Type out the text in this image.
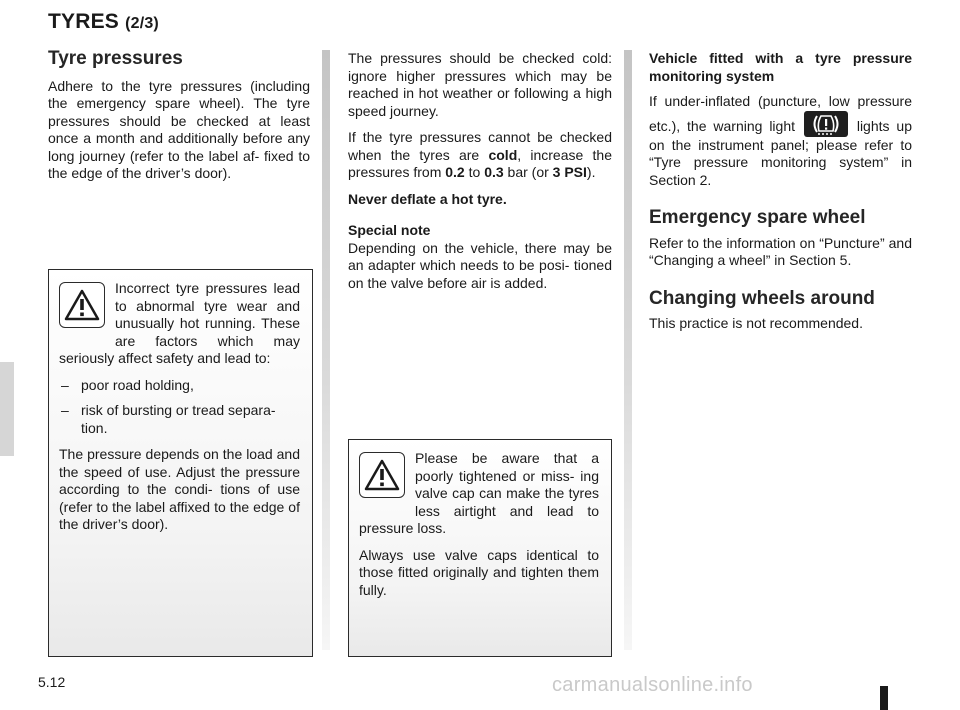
TYRES (2/3)
Tyre pressures

Adhere to the tyre pressures (including the emergency spare wheel). The tyre pressures should be checked at least once a month and additionally before any long journey (refer to the label af- fixed to the edge of the driver’s door).

Incorrect tyre pressures lead to abnormal tyre wear and unusually hot running. These are factors which may seriously affect safety and lead to:

– poor road holding,
– risk of bursting or tread separa- tion.

The pressure depends on the load and the speed of use. Adjust the pressure according to the condi- tions of use (refer to the label affixed to the edge of the driver’s door).

The pressures should be checked cold: ignore higher pressures which may be reached in hot weather or following a high speed journey.

If the tyre pressures cannot be checked when the tyres are cold, increase the pressures from 0.2 to 0.3 bar (or 3 PSI).

Never deflate a hot tyre.

Special note

Depending on the vehicle, there may be an adapter which needs to be posi- tioned on the valve before air is added.

Please be aware that a poorly tightened or miss- ing valve cap can make the tyres less airtight and lead to pressure loss.

Always use valve caps identical to those fitted originally and tighten them fully.

Vehicle fitted with a tyre pressure monitoring system

If under-inflated (puncture, low pressure etc.), the warning light	lights up on the instrument panel; please refer to “Tyre pressure monitoring system” in Section 2.

Emergency spare wheel

Refer to the information on “Puncture” and “Changing a wheel” in Section 5.

Changing wheels around

This practice is not recommended.

5.12	carmanualsonline.info
